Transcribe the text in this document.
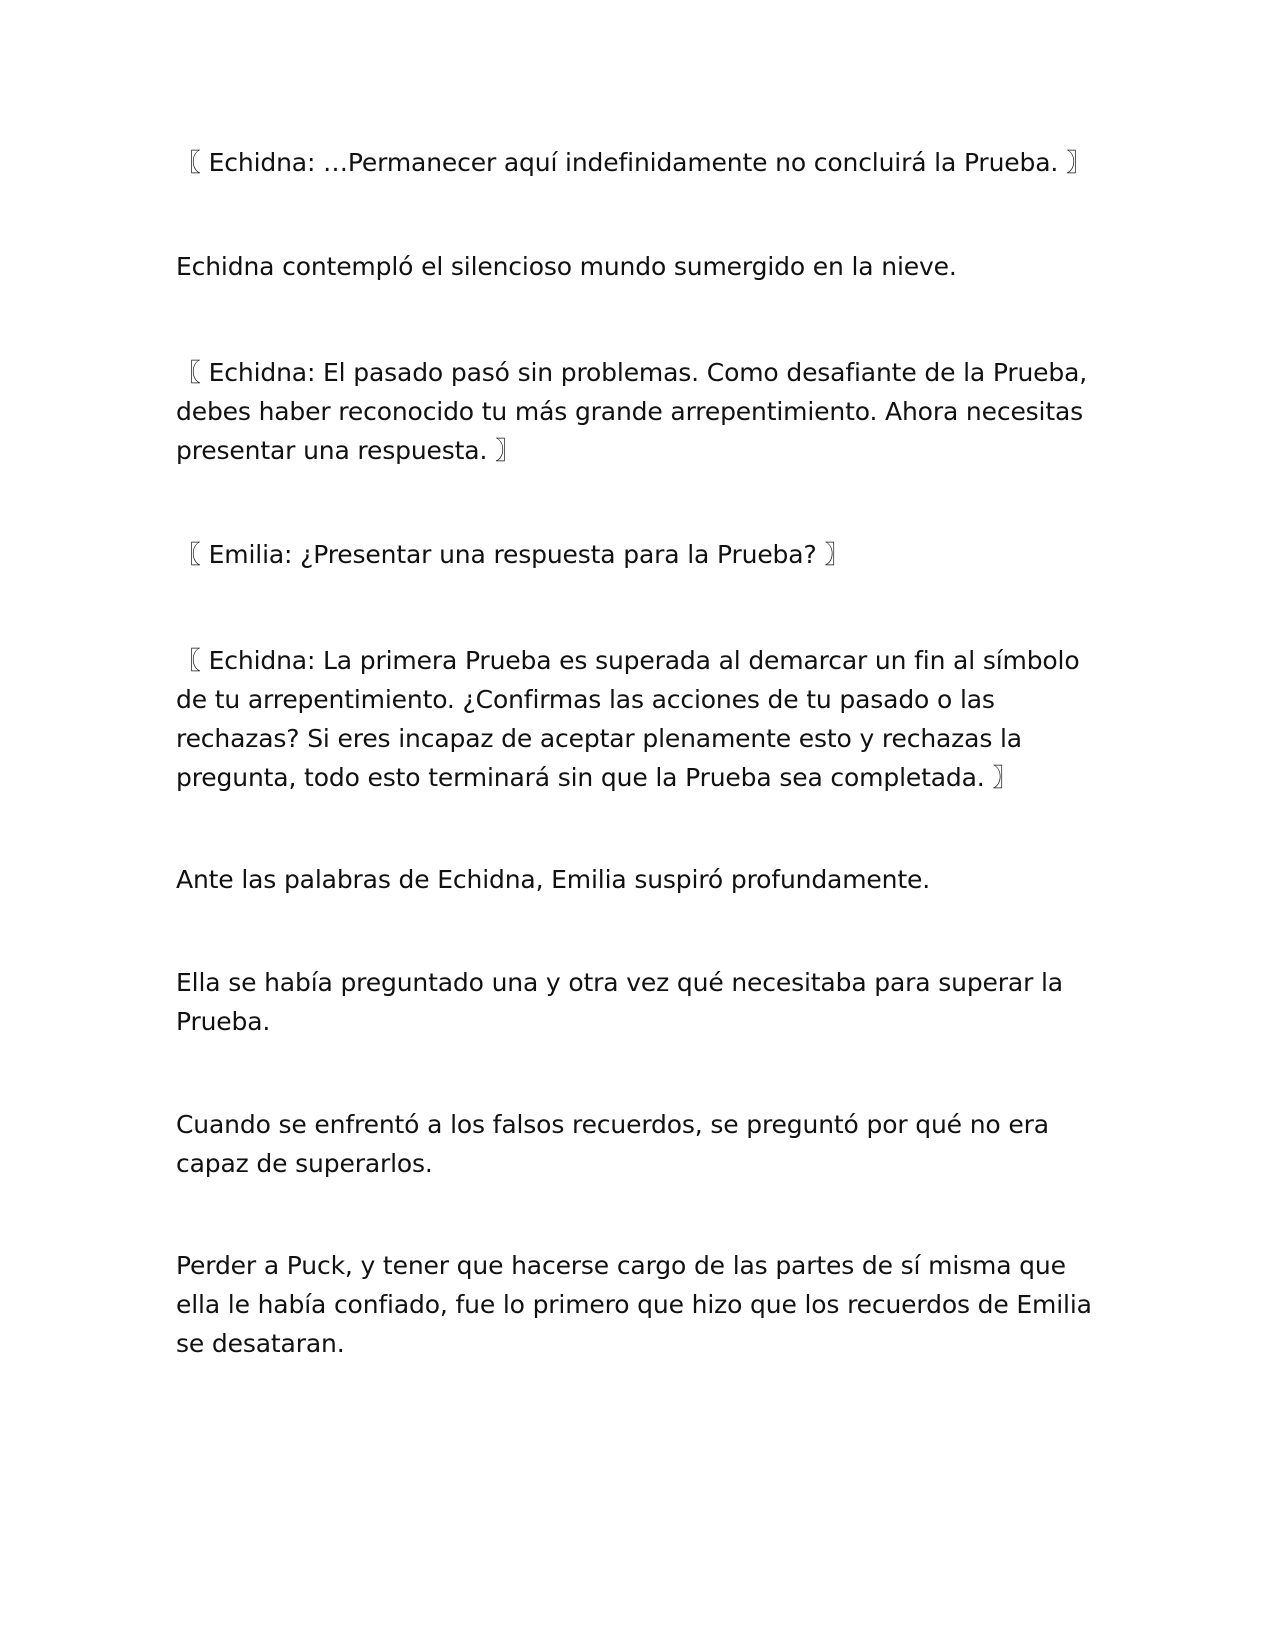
〖 Echidna: …Permanecer aquí indefinidamente no concluirá la Prueba. 〗

Echidna contempló el silencioso mundo sumergido en la nieve.

〖 Echidna: El pasado pasó sin problemas. Como desafiante de la Prueba, debes haber reconocido tu más grande arrepentimiento. Ahora necesitas presentar una respuesta. 〗

〖 Emilia: ¿Presentar una respuesta para la Prueba? 〗

〖 Echidna: La primera Prueba es superada al demarcar un fin al símbolo de tu arrepentimiento. ¿Confirmas las acciones de tu pasado o las rechazas? Si eres incapaz de aceptar plenamente esto y rechazas la pregunta, todo esto terminará sin que la Prueba sea completada. 〗

Ante las palabras de Echidna, Emilia suspiró profundamente.

Ella se había preguntado una y otra vez qué necesitaba para superar la Prueba.

Cuando se enfrentó a los falsos recuerdos, se preguntó por qué no era capaz de superarlos.

Perder a Puck, y tener que hacerse cargo de las partes de sí misma que ella le había confiado, fue lo primero que hizo que los recuerdos de Emilia se desataran.
